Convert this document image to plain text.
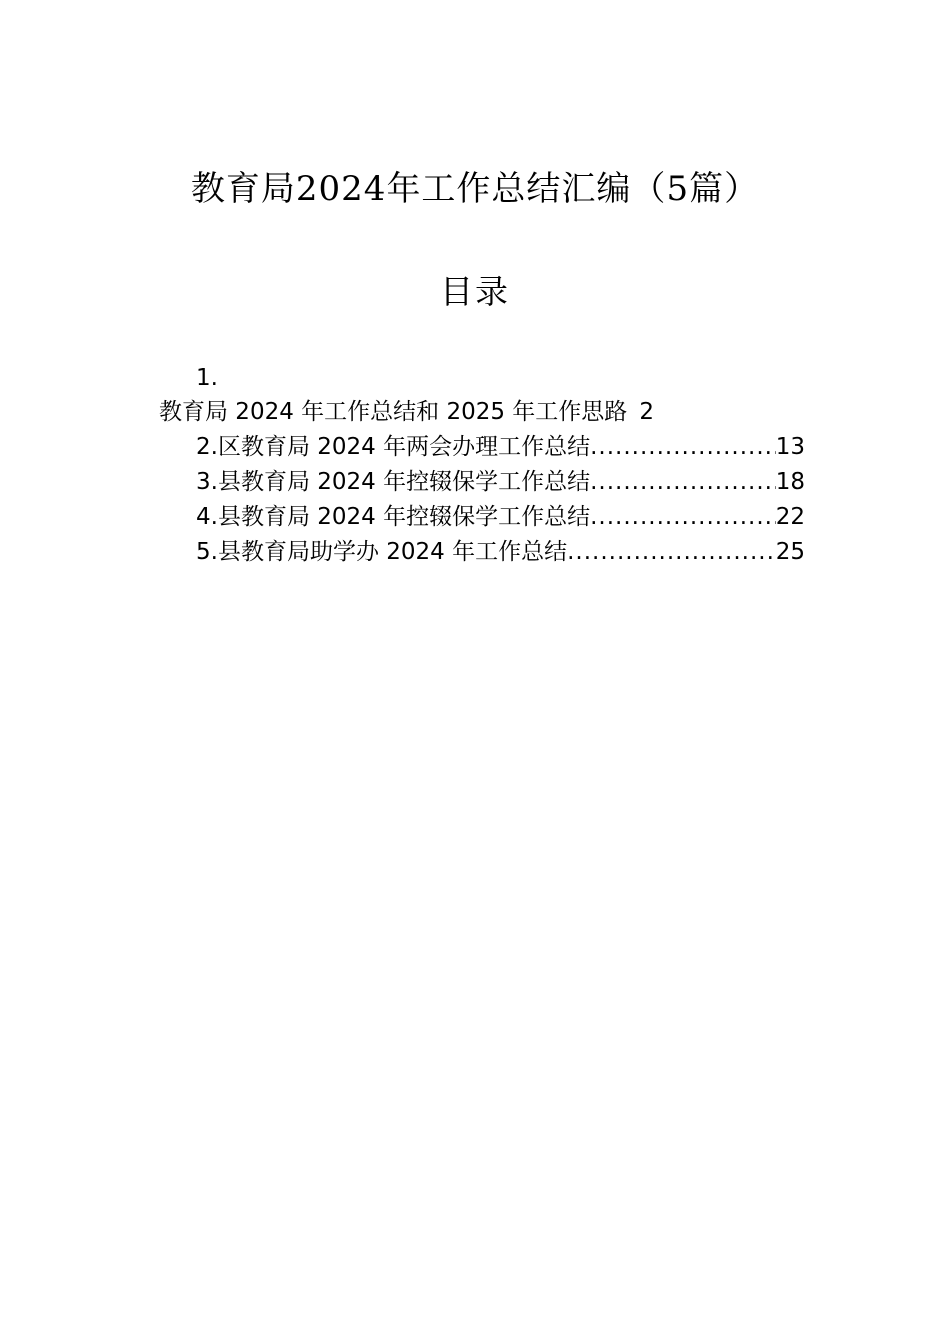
教育局2024年工作总结汇编（5篇）
目录
1.
教育局 2024 年工作总结和 2025 年工作思路 2
2.区教育局 2024 年两会办理工作总结 .....	13
3.县教育局 2024 年控辍保学工作总结 .....	18
4.县教育局 2024 年控辍保学工作总结 .....	22
5.县教育局助学办 2024 年工作总结 .....	25
